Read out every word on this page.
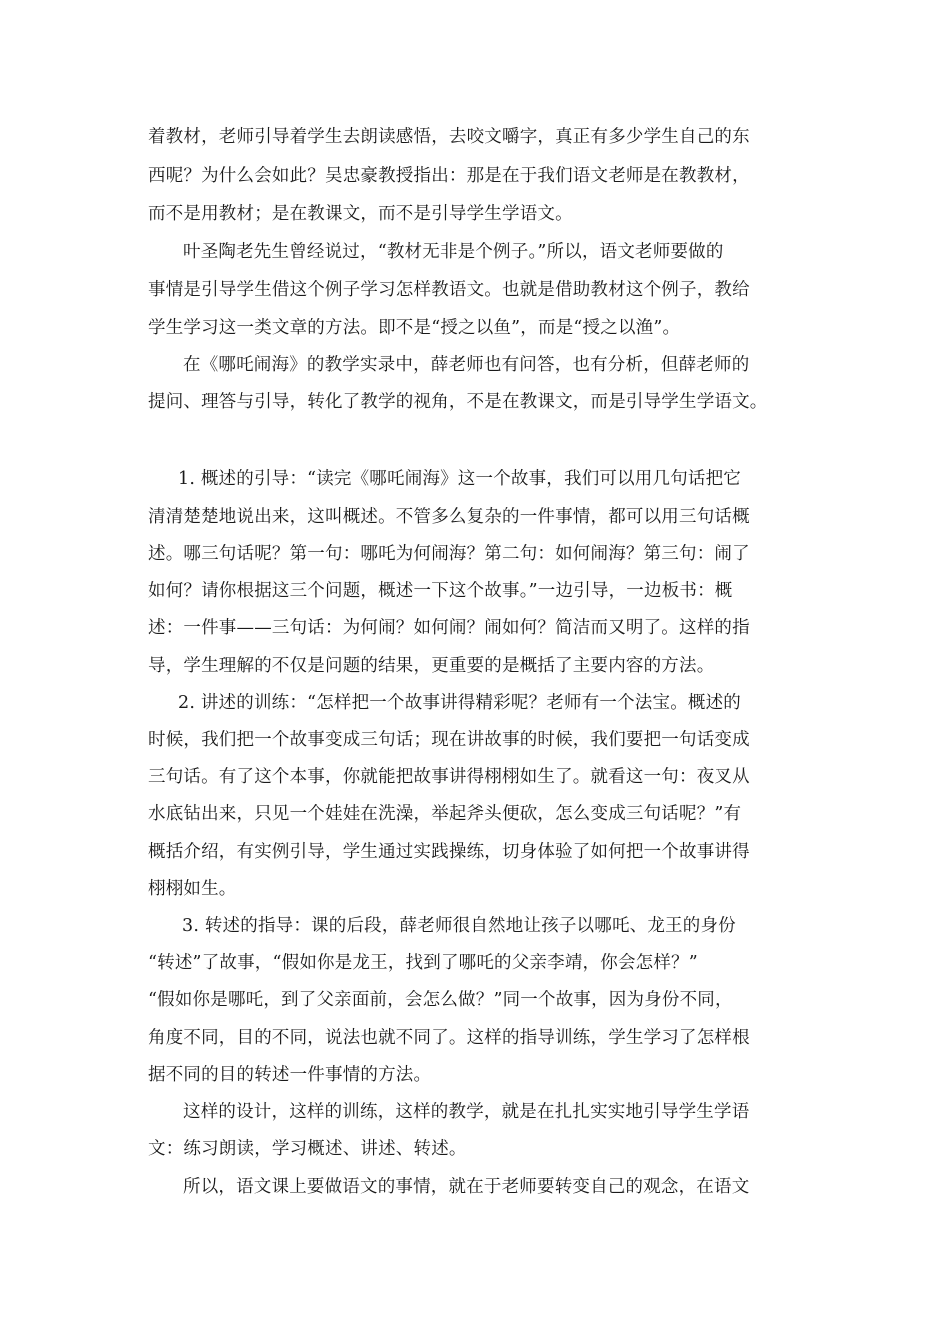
着教材，老师引导着学生去朗读感悟，去咬文嚼字，真正有多少学生自己的东
西呢？为什么会如此？吴忠豪教授指出：那是在于我们语文老师是在教教材，
而不是用教材；是在教课文，而不是引导学生学语文。
叶圣陶老先生曾经说过，“教材无非是个例子。”所以，语文老师要做的
事情是引导学生借这个例子学习怎样教语文。也就是借助教材这个例子，教给
学生学习这一类文章的方法。即不是“授之以鱼”，而是“授之以渔”。
在《哪吒闹海》的教学实录中，薛老师也有问答，也有分析，但薛老师的
提问、理答与引导，转化了教学的视角，不是在教课文，而是引导学生学语文。
1. 概述的引导：“读完《哪吒闹海》这一个故事，我们可以用几句话把它
清清楚楚地说出来，这叫概述。不管多么复杂的一件事情，都可以用三句话概
述。哪三句话呢？第一句：哪吒为何闹海？第二句：如何闹海？第三句：闹了
如何？请你根据这三个问题，概述一下这个故事。”一边引导，一边板书：概
述：一件事——三句话：为何闹？如何闹？闹如何？简洁而又明了。这样的指
导，学生理解的不仅是问题的结果，更重要的是概括了主要内容的方法。
2. 讲述的训练：“怎样把一个故事讲得精彩呢？老师有一个法宝。概述的
时候，我们把一个故事变成三句话；现在讲故事的时候，我们要把一句话变成
三句话。有了这个本事，你就能把故事讲得栩栩如生了。就看这一句：夜叉从
水底钻出来，只见一个娃娃在洗澡，举起斧头便砍，怎么变成三句话呢？”有
概括介绍，有实例引导，学生通过实践操练，切身体验了如何把一个故事讲得
栩栩如生。
3. 转述的指导：课的后段，薛老师很自然地让孩子以哪吒、龙王的身份
“转述”了故事，“假如你是龙王，找到了哪吒的父亲李靖，你会怎样？”
“假如你是哪吒，到了父亲面前，会怎么做？”同一个故事，因为身份不同，
角度不同，目的不同，说法也就不同了。这样的指导训练，学生学习了怎样根
据不同的目的转述一件事情的方法。
这样的设计，这样的训练，这样的教学，就是在扎扎实实地引导学生学语
文：练习朗读，学习概述、讲述、转述。
所以，语文课上要做语文的事情，就在于老师要转变自己的观念，在语文
